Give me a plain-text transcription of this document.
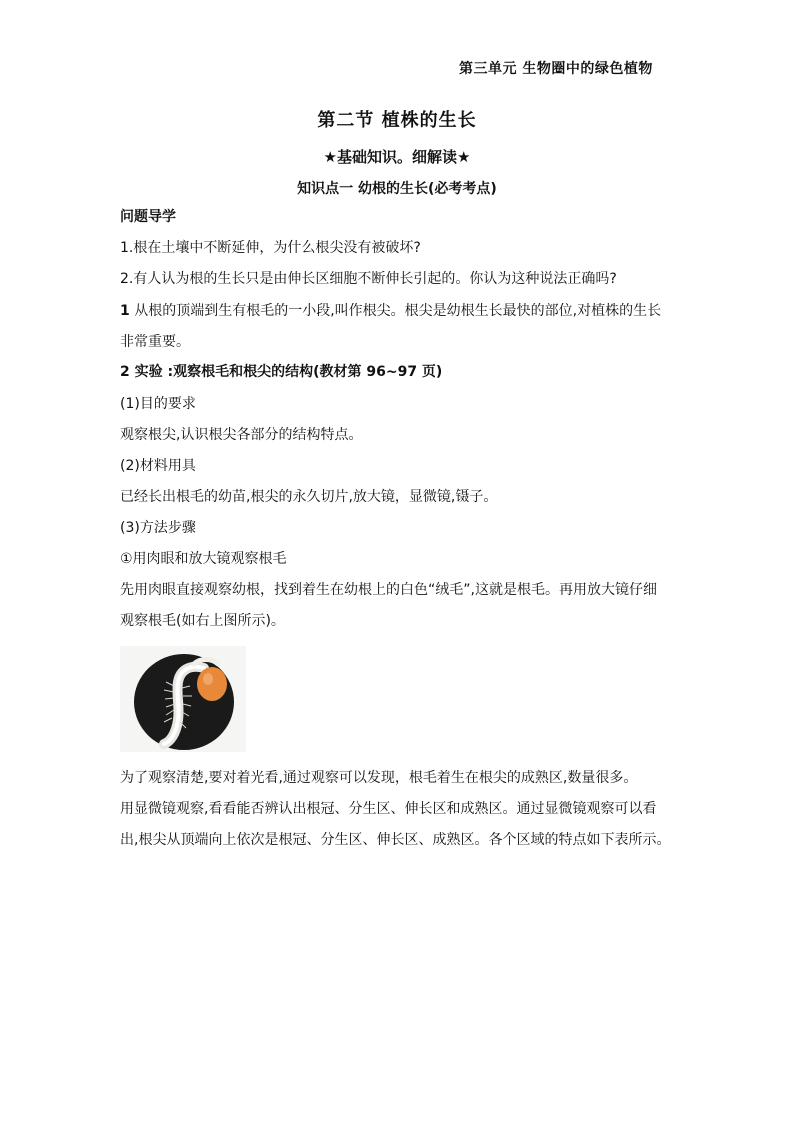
第三单元 生物圈中的绿色植物
第二节 植株的生长
★基础知识。细解读★
知识点一 幼根的生长(必考考点)
问题导学
1.根在土壤中不断延伸，为什么根尖没有被破坏?
2.有人认为根的生长只是由伸长区细胞不断伸长引起的。你认为这种说法正确吗?
1 从根的顶端到生有根毛的一小段,叫作根尖。根尖是幼根生长最快的部位,对植株的生长
非常重要。
2 实验 :观察根毛和根尖的结构(教材第 96~97 页)
(1)目的要求
观察根尖,认识根尖各部分的结构特点。
(2)材料用具
已经长出根毛的幼苗,根尖的永久切片,放大镜，显微镜,镊子。
(3)方法步骤
①用肉眼和放大镜观察根毛
先用肉眼直接观察幼根，找到着生在幼根上的白色“绒毛”,这就是根毛。再用放大镜仔细
观察根毛(如右上图所示)。
为了观察清楚,要对着光看,通过观察可以发现，根毛着生在根尖的成熟区,数量很多。
用显微镜观察,看看能否辨认出根冠、分生区、伸长区和成熟区。通过显微镜观察可以看
出,根尖从顶端向上依次是根冠、分生区、伸长区、成熟区。各个区域的特点如下表所示。
